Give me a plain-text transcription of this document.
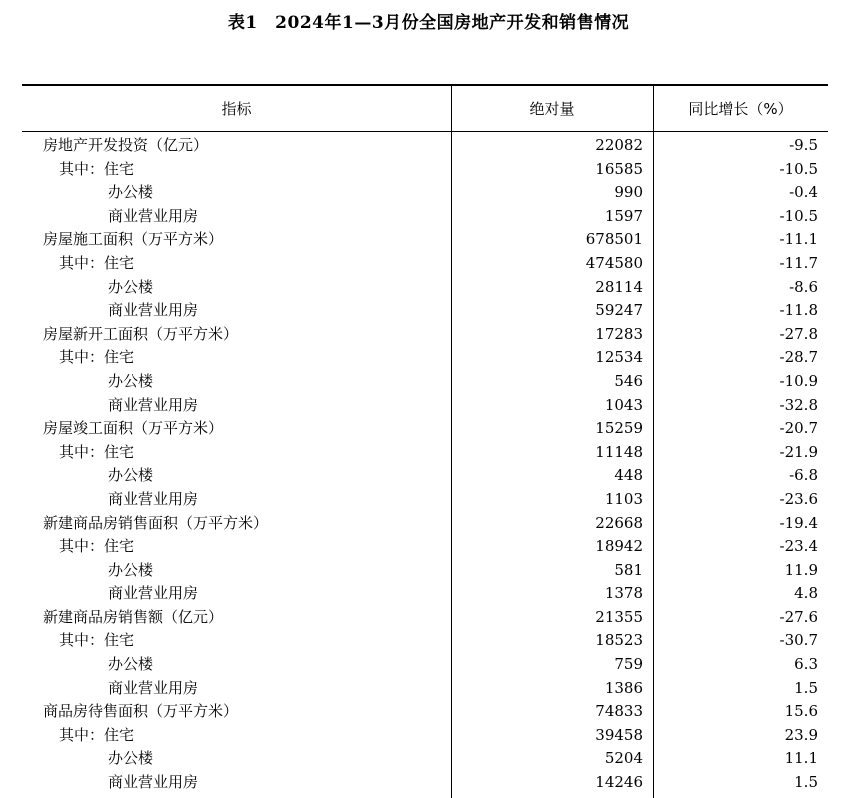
表1　2024年1—3月份全国房地产开发和销售情况
指标	绝对量	同比增长（%）
房地产开发投资（亿元）	22082	-9.5
其中：住宅	16585	-10.5
办公楼	990	-0.4
商业营业用房	1597	-10.5
房屋施工面积（万平方米）	678501	-11.1
其中：住宅	474580	-11.7
办公楼	28114	-8.6
商业营业用房	59247	-11.8
房屋新开工面积（万平方米）	17283	-27.8
其中：住宅	12534	-28.7
办公楼	546	-10.9
商业营业用房	1043	-32.8
房屋竣工面积（万平方米）	15259	-20.7
其中：住宅	11148	-21.9
办公楼	448	-6.8
商业营业用房	1103	-23.6
新建商品房销售面积（万平方米）	22668	-19.4
其中：住宅	18942	-23.4
办公楼	581	11.9
商业营业用房	1378	4.8
新建商品房销售额（亿元）	21355	-27.6
其中：住宅	18523	-30.7
办公楼	759	6.3
商业营业用房	1386	1.5
商品房待售面积（万平方米）	74833	15.6
其中：住宅	39458	23.9
办公楼	5204	11.1
商业营业用房	14246	1.5
